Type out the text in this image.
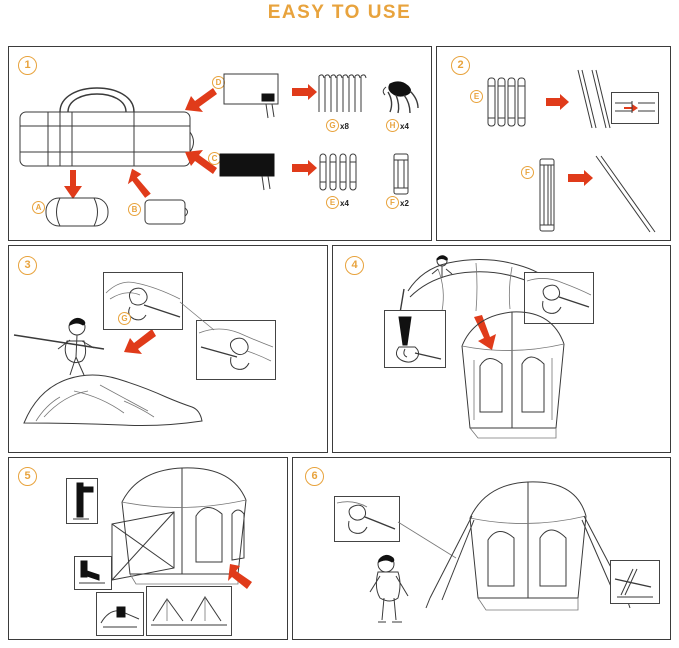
EASY TO USE
1
A	B
D
G x8	H x4
C
E x4	F x2
2
E
F
3
G
4
5	6
